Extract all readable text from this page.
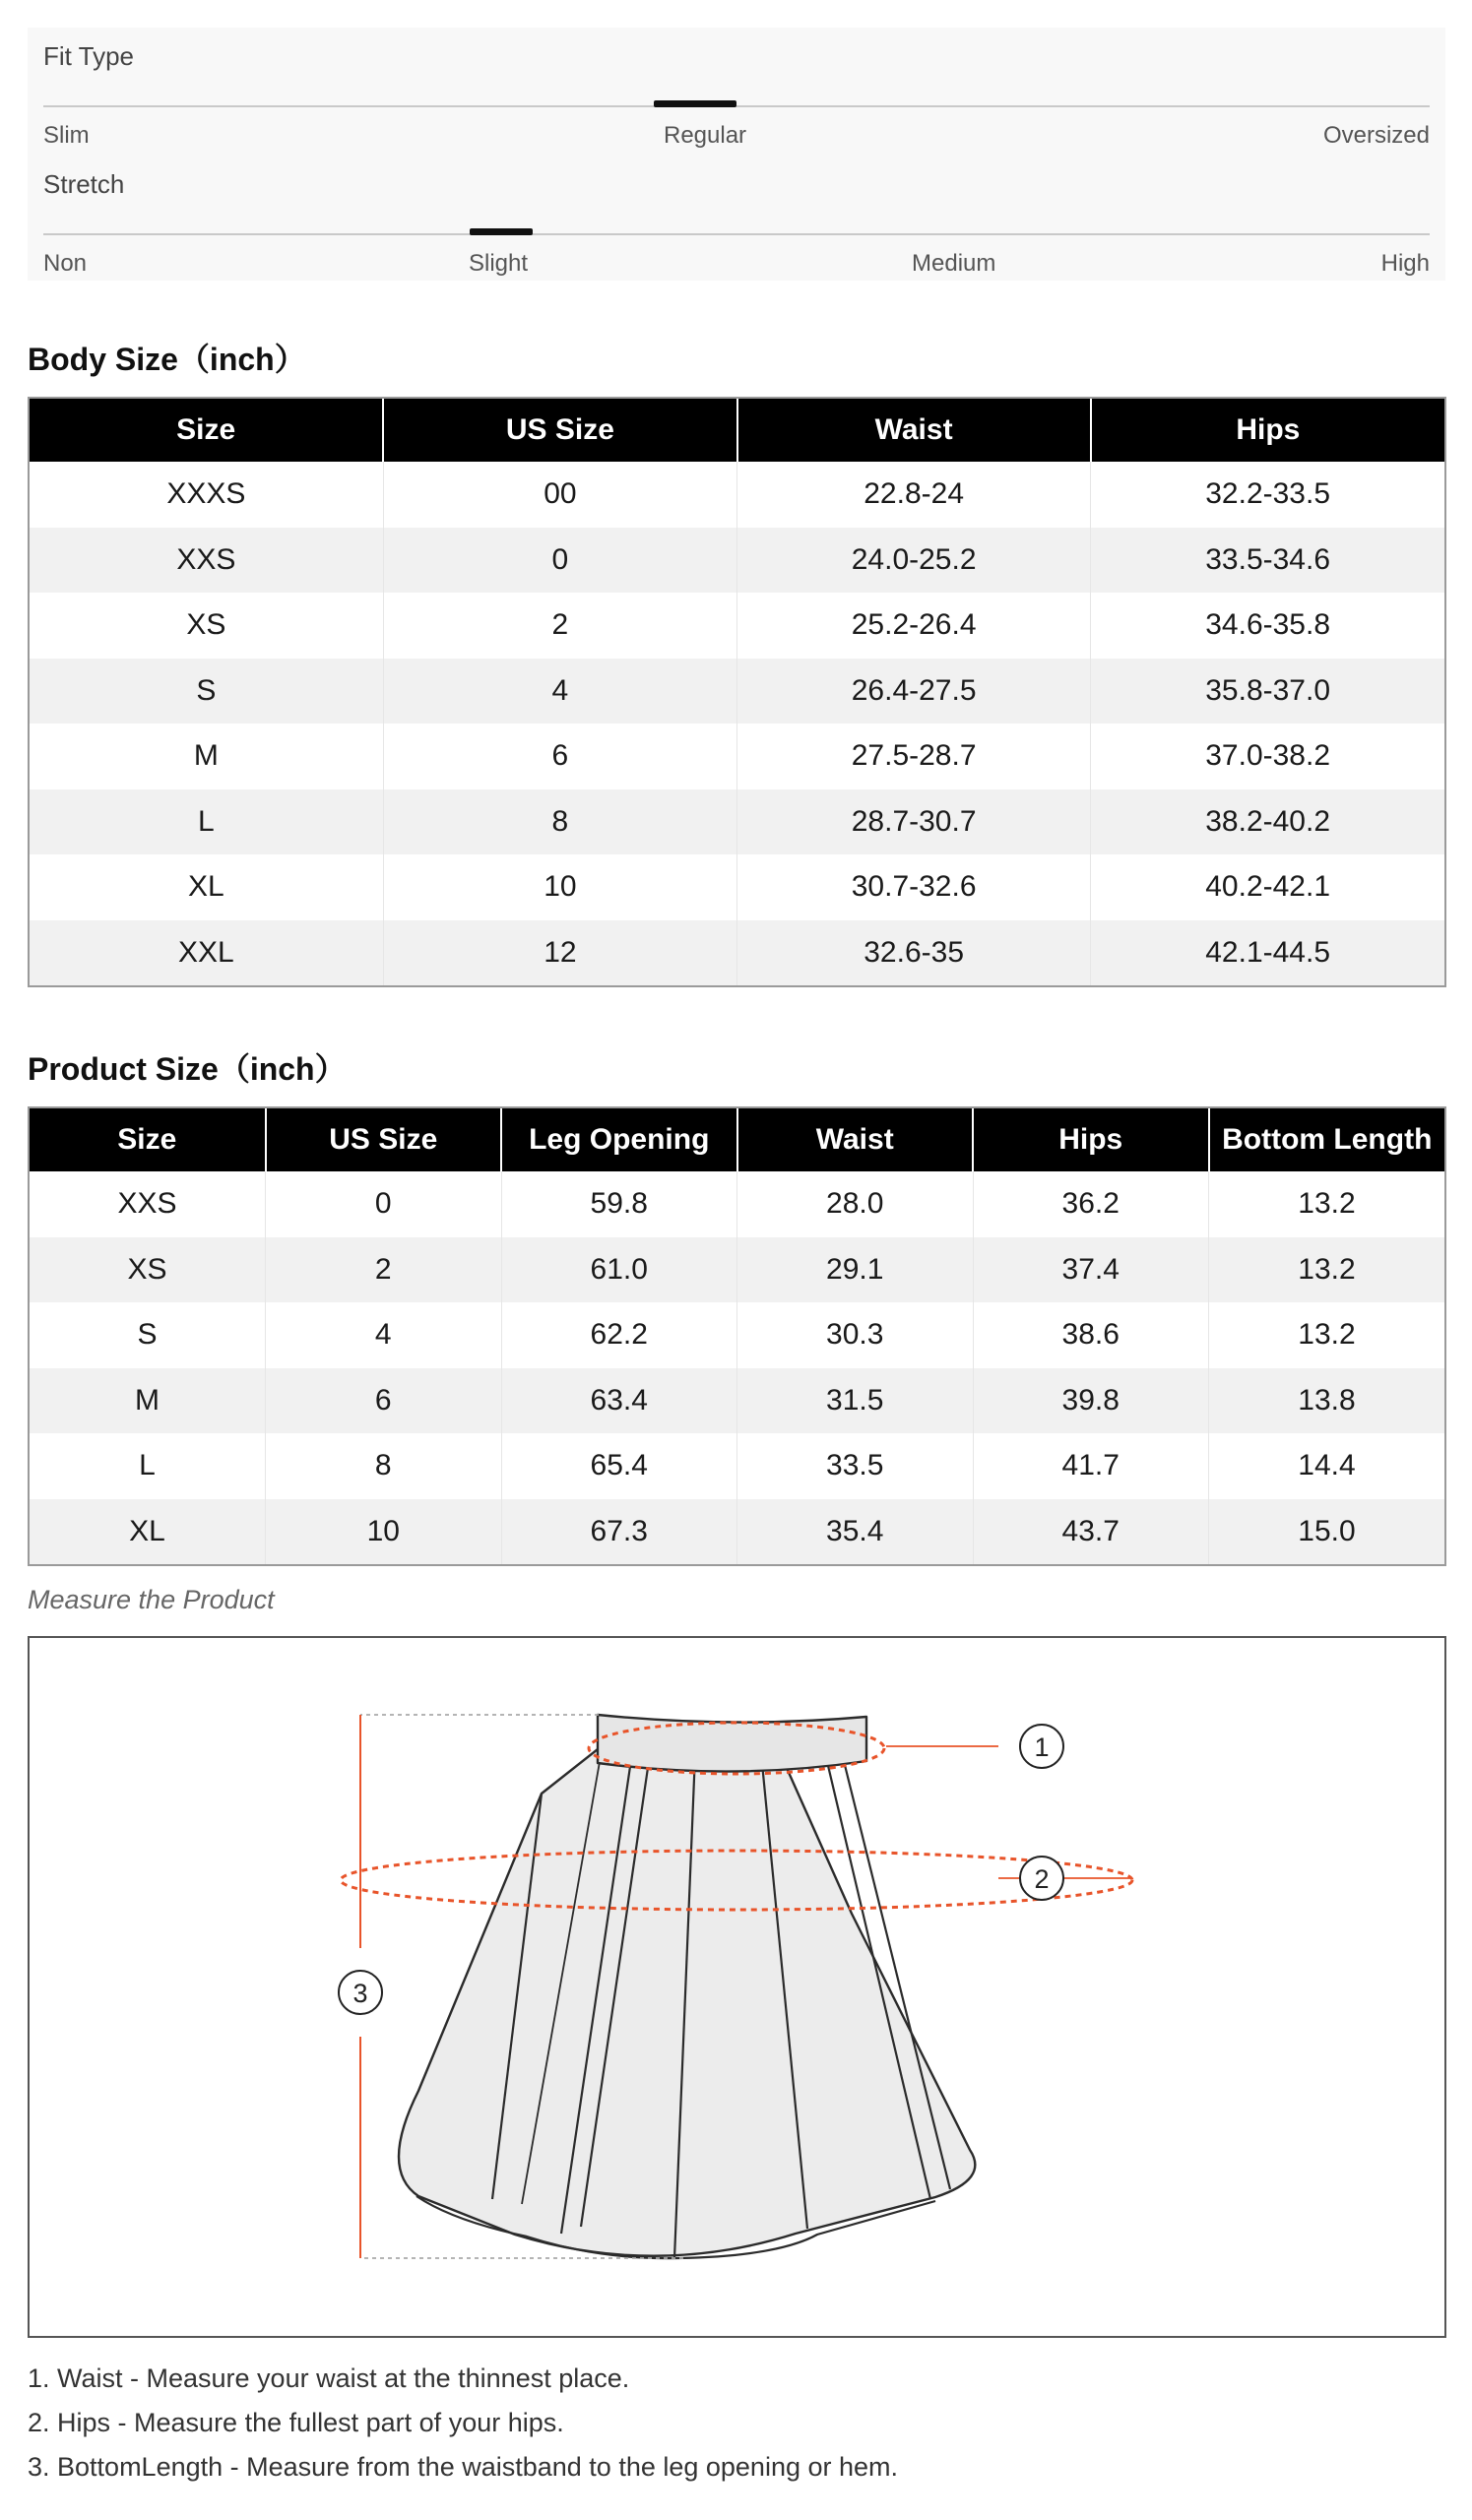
Fit Type
Slim	Regular	Oversized
Stretch
Non	Slight	Medium	High
Body Size（inch）
Size	US Size	Waist	Hips
XXXS	00	22.8-24	32.2-33.5
XXS	0	24.0-25.2	33.5-34.6
XS	2	25.2-26.4	34.6-35.8
S	4	26.4-27.5	35.8-37.0
M	6	27.5-28.7	37.0-38.2
L	8	28.7-30.7	38.2-40.2
XL	10	30.7-32.6	40.2-42.1
XXL	12	32.6-35	42.1-44.5
Product Size（inch）
Size	US Size	Leg Opening	Waist	Hips	Bottom Length
XXS	0	59.8	28.0	36.2	13.2
XS	2	61.0	29.1	37.4	13.2
S	4	62.2	30.3	38.6	13.2
M	6	63.4	31.5	39.8	13.8
L	8	65.4	33.5	41.7	14.4
XL	10	67.3	35.4	43.7	15.0
Measure the Product
1
2
3
1. Waist - Measure your waist at the thinnest place.
2. Hips - Measure the fullest part of your hips.
3. BottomLength - Measure from the waistband to the leg opening or hem.
